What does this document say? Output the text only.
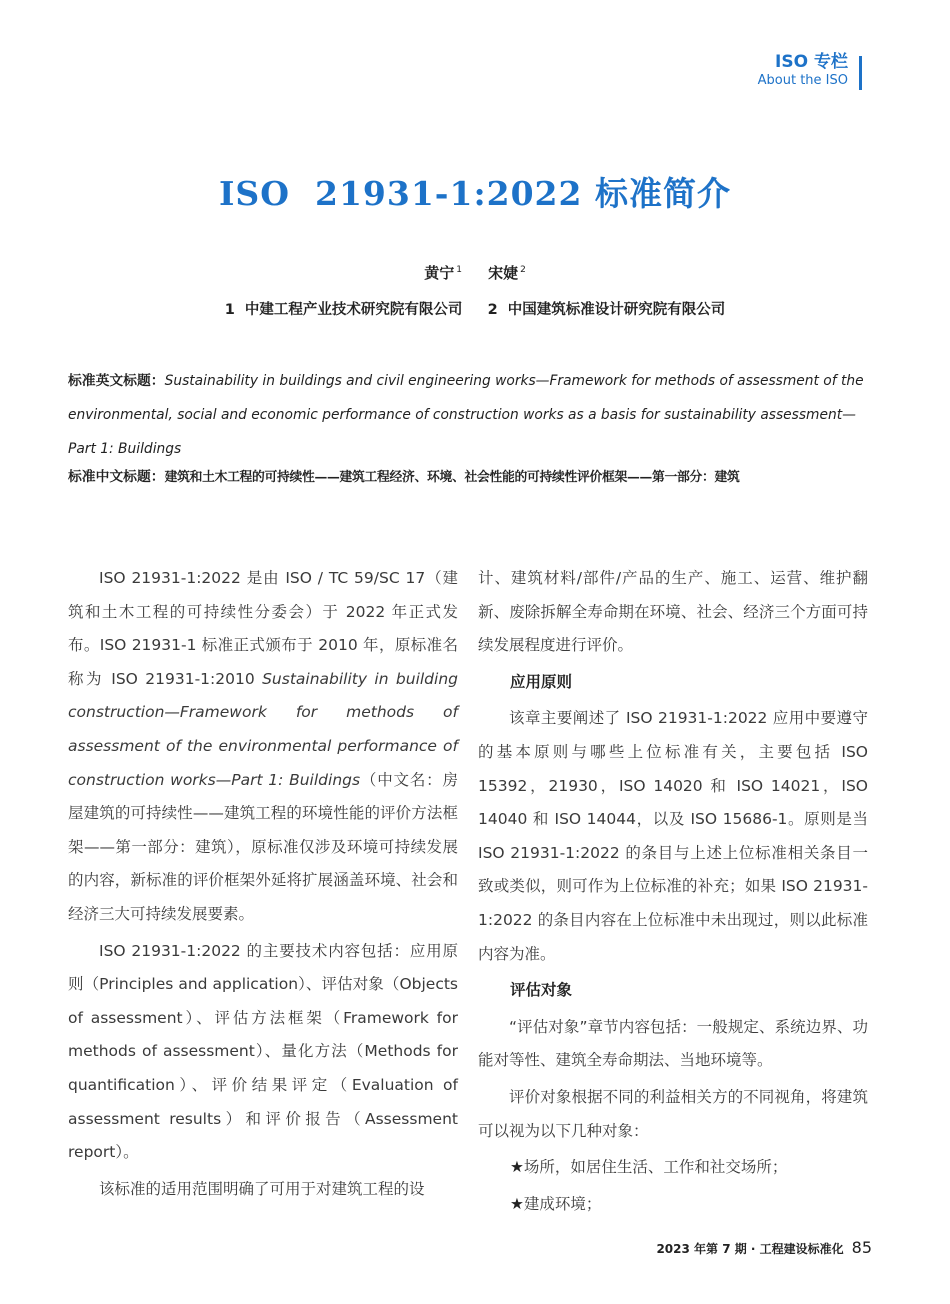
ISO 专栏
About the ISO
ISO  21931-1:2022 标准简介
黄宁 $^1$ 宋婕 $^2$
1  中建工程产业技术研究院有限公司     2  中国建筑标准设计研究院有限公司
标准英文标题：Sustainability in buildings and civil engineering works—Framework for methods of assessment of the environmental, social and economic performance of construction works as a basis for sustainability assessment—Part 1: Buildings
标准中文标题：建筑和土木工程的可持续性——建筑工程经济、环境、社会性能的可持续性评价框架——第一部分：建筑

ISO 21931-1:2022 是由 ISO / TC 59/SC 17（建筑和土木工程的可持续性分委会）于 2022 年正式发布。ISO 21931-1 标准正式颁布于 2010 年，原标准名称为 ISO 21931-1:2010 Sustainability in building construction—Framework for methods of assessment of the environmental performance of construction works—Part 1: Buildings（中文名：房屋建筑的可持续性——建筑工程的环境性能的评价方法框架——第一部分：建筑），原标准仅涉及环境可持续发展的内容，新标准的评价框架外延将扩展涵盖环境、社会和经济三大可持续发展要素。

ISO 21931-1:2022 的主要技术内容包括：应用原则（Principles and application）、评估对象（Objects of assessment）、评估方法框架（Framework for methods of assessment）、量化方法（Methods for quantification）、评价结果评定（Evaluation of assessment results）和评价报告（Assessment report）。

该标准的适用范围明确了可用于对建筑工程的设

计、建筑材料/部件/产品的生产、施工、运营、维护翻新、废除拆解全寿命期在环境、社会、经济三个方面可持续发展程度进行评价。

应用原则

该章主要阐述了 ISO 21931-1:2022 应用中要遵守的基本原则与哪些上位标准有关，主要包括 ISO 15392，21930，ISO 14020 和 ISO 14021，ISO 14040 和 ISO 14044，以及 ISO 15686-1。原则是当 ISO 21931-1:2022 的条目与上述上位标准相关条目一致或类似，则可作为上位标准的补充；如果 ISO 21931-1:2022 的条目内容在上位标准中未出现过，则以此标准内容为准。

评估对象

“评估对象”章节内容包括：一般规定、系统边界、功能对等性、建筑全寿命期法、当地环境等。

评价对象根据不同的利益相关方的不同视角，将建筑可以视为以下几种对象：

★场所，如居住生活、工作和社交场所；

★建成环境；

2023 年第 7 期 · 工程建设标准化 85
